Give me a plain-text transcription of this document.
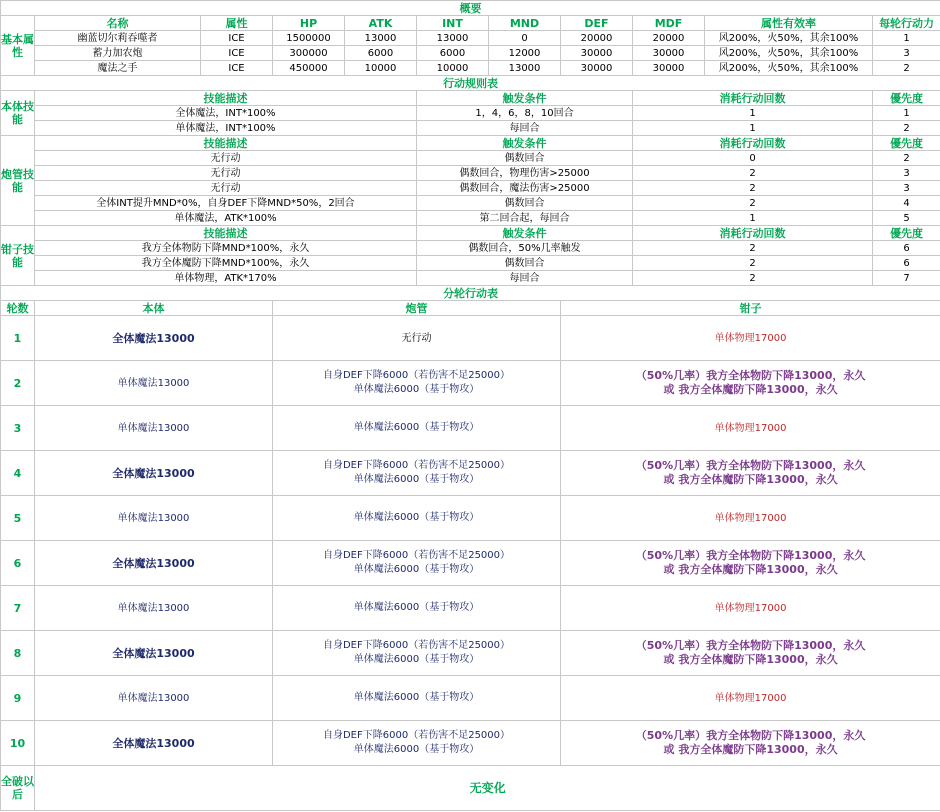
概要										
基本属性	名称	属性	HP	ATK	INT	MND	DEF	MDF	属性有效率	每轮行动力
	幽蓝切尔莉吞噬者	ICE	1500000	13000	13000	0	20000	20000	风200%，火50%，其余100%	1
	蓄力加农炮	ICE	300000	6000	6000	12000	30000	30000	风200%，火50%，其余100%	3
	魔法之手	ICE	450000	10000	10000	13000	30000	30000	风200%，火50%，其余100%	2
行动规则表										
本体技能	技能描述				触发条件			消耗行动回数		優先度
	全体魔法，INT*100%				1，4，6，8，10回合			1		1
	单体魔法，INT*100%				每回合			1		2
炮管技能	技能描述				触发条件			消耗行动回数		優先度
	无行动				偶数回合			0		2
	无行动				偶数回合，物理伤害>25000			2		3
	无行动				偶数回合，魔法伤害>25000			2		3
	全体INT提升MND*0%，自身DEF下降MND*50%，2回合				偶数回合			2		4
	单体魔法，ATK*100%				第二回合起，每回合			1		5
钳子技能	技能描述				触发条件			消耗行动回数		優先度
	我方全体物防下降MND*100%，永久				偶数回合，50%几率触发			2		6
	我方全体魔防下降MND*100%，永久				偶数回合			2		6
	单体物理，ATK*170%				每回合			2		7
分轮行动表										
轮数	本体		炮管				钳子			
1	全体魔法13000		无行动				单体物理17000			
2	单体魔法13000		自身DEF下降6000（若伤害不足25000）
单体魔法6000（基于物攻）				（50%几率）我方全体物防下降13000，永久
或 我方全体魔防下降13000，永久			
3	单体魔法13000		单体魔法6000（基于物攻）				单体物理17000			
4	全体魔法13000		自身DEF下降6000（若伤害不足25000）
单体魔法6000（基于物攻）				（50%几率）我方全体物防下降13000，永久
或 我方全体魔防下降13000，永久			
5	单体魔法13000		单体魔法6000（基于物攻）				单体物理17000			
6	全体魔法13000		自身DEF下降6000（若伤害不足25000）
单体魔法6000（基于物攻）				（50%几率）我方全体物防下降13000，永久
或 我方全体魔防下降13000，永久			
7	单体魔法13000		单体魔法6000（基于物攻）				单体物理17000			
8	全体魔法13000		自身DEF下降6000（若伤害不足25000）
单体魔法6000（基于物攻）				（50%几率）我方全体物防下降13000，永久
或 我方全体魔防下降13000，永久			
9	单体魔法13000		单体魔法6000（基于物攻）				单体物理17000			
10	全体魔法13000		自身DEF下降6000（若伤害不足25000）
单体魔法6000（基于物攻）				（50%几率）我方全体物防下降13000，永久
或 我方全体魔防下降13000，永久			
全破以后	无变化									
